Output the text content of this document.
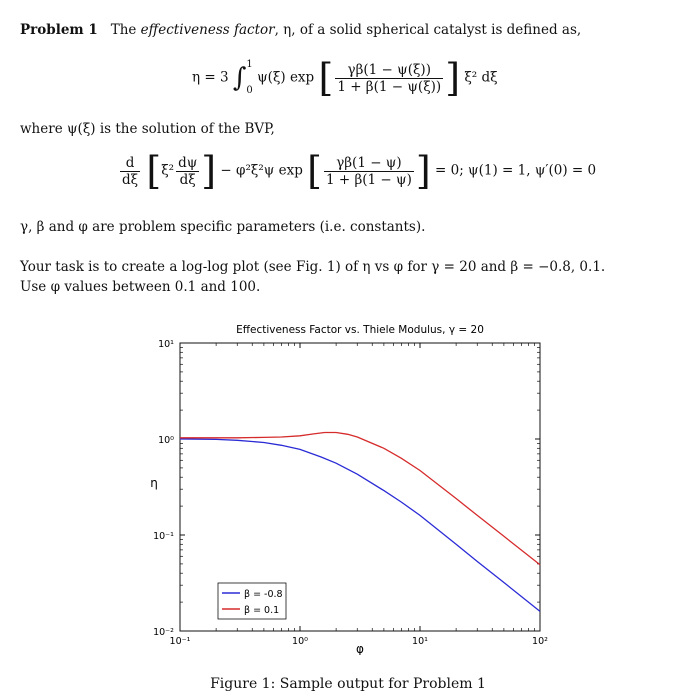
Problem 1 The effectiveness factor, η, of a solid spherical catalyst is defined as,
η = 3 ∫ 1
0
ψ(ξ) exp [ $\frac{\gamma\beta(1 - \psi(\xi))}{1 + \beta(1 - \psi(\xi))}$ ] ξ² dξ
where ψ(ξ) is the solution of the BVP,
$\frac{d}{d\xi} [\xi^2 \frac{d\psi}{d\xi}$ ] − φ²ξ²ψ exp [ $\frac{\gamma\beta(1 - \psi)}{1 + \beta(1 - \psi)}$ ] = 0; ψ(1) = 1, ψ′(0) = 0
γ, β and φ are problem specific parameters (i.e. constants).
Your task is to create a log-log plot (see Fig. 1) of η vs φ for γ = 20 and β = −0.8, 0.1.
Use φ values between 0.1 and 100.
Effectiveness Factor vs. Thiele Modulus, γ = 20
10⁻²
10⁻¹
10⁰
10¹
10⁻¹	10⁰	10¹	10²
η
φ
β = -0.8
β = 0.1
Figure 1: Sample output for Problem 1
